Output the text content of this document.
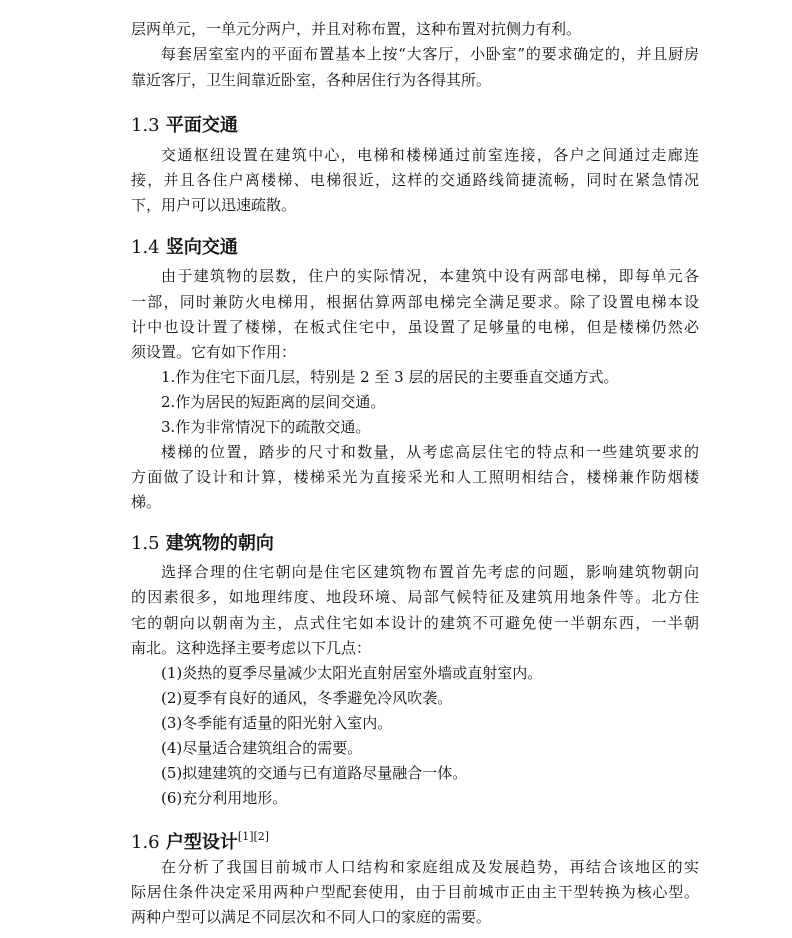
层两单元，一单元分两户，并且对称布置，这种布置对抗侧力有利。

每套居室室内的平面布置基本上按“大客厅，小卧室”的要求确定的，并且厨房

靠近客厅，卫生间靠近卧室，各种居住行为各得其所。

1.3 平面交通

交通枢纽设置在建筑中心，电梯和楼梯通过前室连接，各户之间通过走廊连

接，并且各住户离楼梯、电梯很近，这样的交通路线简捷流畅，同时在紧急情况

下，用户可以迅速疏散。

1.4 竖向交通

由于建筑物的层数，住户的实际情况，本建筑中设有两部电梯，即每单元各

一部，同时兼防火电梯用，根据估算两部电梯完全满足要求。除了设置电梯本设

计中也设计置了楼梯，在板式住宅中，虽设置了足够量的电梯，但是楼梯仍然必

须设置。它有如下作用：

1.作为住宅下面几层，特别是 2 至 3 层的居民的主要垂直交通方式。

2.作为居民的短距离的层间交通。

3.作为非常情况下的疏散交通。

楼梯的位置，踏步的尺寸和数量，从考虑高层住宅的特点和一些建筑要求的

方面做了设计和计算，楼梯采光为直接采光和人工照明相结合，楼梯兼作防烟楼

梯。

1.5 建筑物的朝向

选择合理的住宅朝向是住宅区建筑物布置首先考虑的问题，影响建筑物朝向

的因素很多，如地理纬度、地段环境、局部气候特征及建筑用地条件等。北方住

宅的朝向以朝南为主，点式住宅如本设计的建筑不可避免使一半朝东西，一半朝

南北。这种选择主要考虑以下几点：

(1)炎热的夏季尽量减少太阳光直射居室外墙或直射室内。

(2)夏季有良好的通风，冬季避免冷风吹袭。

(3)冬季能有适量的阳光射入室内。

(4)尽量适合建筑组合的需要。

(5)拟建建筑的交通与已有道路尽量融合一体。

(6)充分利用地形。

1.6 户型设计[1][2]

在分析了我国目前城市人口结构和家庭组成及发展趋势，再结合该地区的实

际居住条件决定采用两种户型配套使用，由于目前城市正由主干型转换为核心型。

两种户型可以满足不同层次和不同人口的家庭的需要。
